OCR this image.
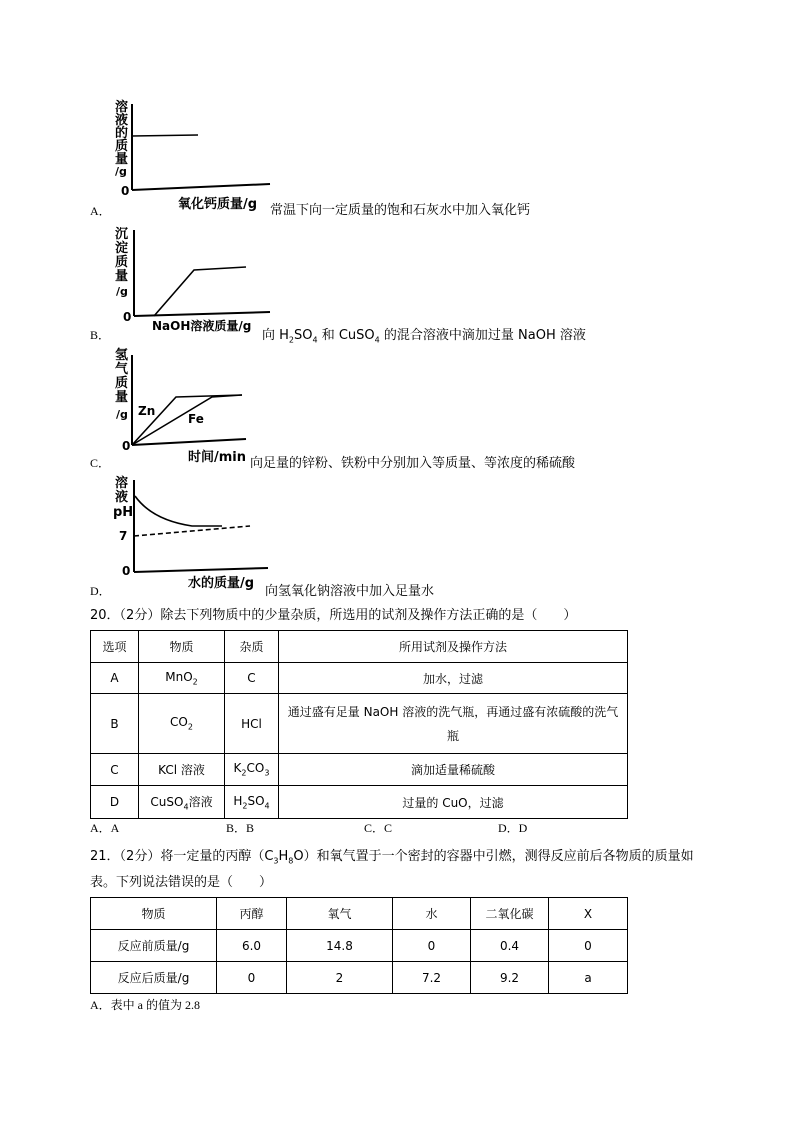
溶
液
的
质
量
/g
0
氧化钙质量/g
A．	常温下向一定质量的饱和石灰水中加入氧化钙
沉
淀
质
量
/g
0
NaOH溶液质量/g
B．	向 $H_2SO_4$ 和 CuSO$_4$ 的混合溶液中滴加过量 NaOH 溶液
氢
气
质
量
/g
0
Zn
Fe
时间/min
C．	向足量的锌粉、铁粉中分别加入等质量、等浓度的稀硫酸
溶
液
pH
7
0
水的质量/g
D．	向氢氧化钠溶液中加入足量水
20．（2分）除去下列物质中的少量杂质，所选用的试剂及操作方法正确的是（　　）
选项	物质	杂质	所用试剂及操作方法
A	MnO$_2$	C	加水，过滤
B	$CO_2$	HCl	通过盛有足量 NaOH 溶液的洗气瓶，再通过盛有浓硫酸的洗气瓶
C	KCl 溶液	$K_2CO_3$	滴加适量稀硫酸
D	CuSO$_4$溶液	$H_2SO_4$	过量的 CuO，过滤
A．A	B．B	C．C	D．D
21．（2分）将一定量的丙醇$(C_3H_8O)$和氧气置于一个密封的容器中引燃，测得反应前后各物质的质量如
表。下列说法错误的是（　　）
物质	丙醇	氧气	水	二氧化碳	X
反应前质量/g	6.0	14.8	0	0.4	0
反应后质量/g	0	2	7.2	9.2	a
A．表中 a 的值为 2.8
